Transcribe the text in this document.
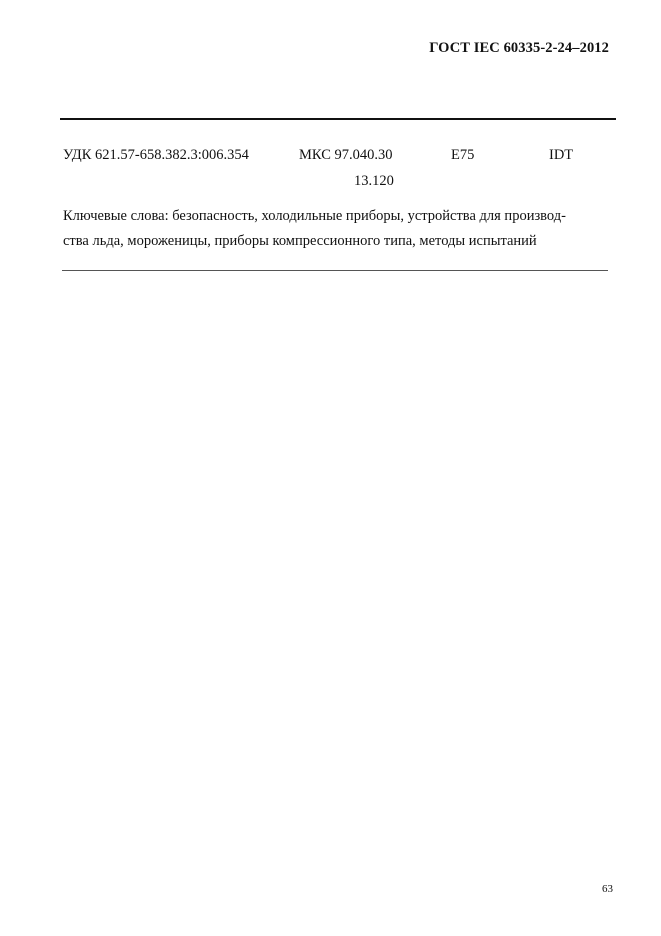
ГОСТ IEC 60335-2-24–2012
УДК 621.57-658.382.3:006.354	МКС 97.040.30
13.120
Е75	IDT
Ключевые слова: безопасность, холодильные приборы, устройства для производ-
ства льда, мороженицы, приборы компрессионного типа, методы испытаний
63
